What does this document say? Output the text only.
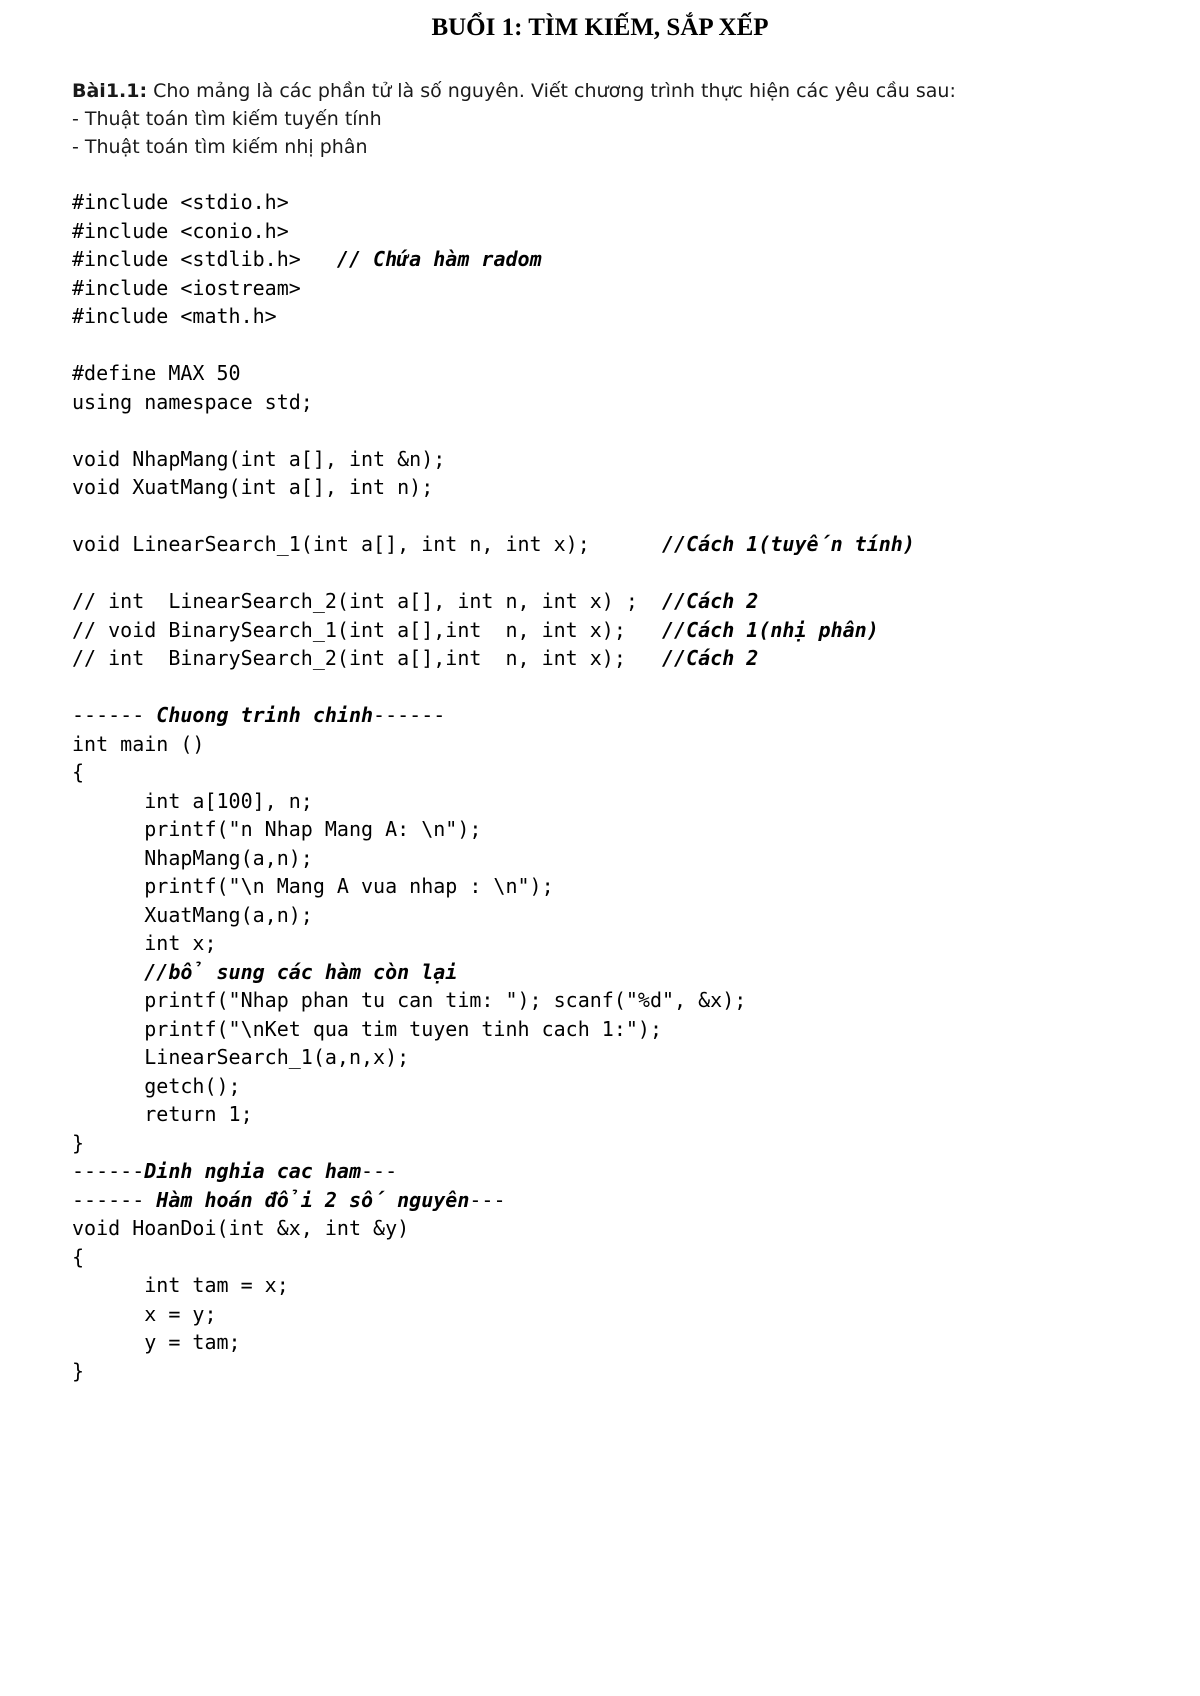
BUỔI 1: TÌM KIẾM, SẮP XẾP
Bài1.1: Cho mảng là các phần tử là số nguyên. Viết chương trình thực hiện các yêu cầu sau:
- Thuật toán tìm kiếm tuyến tính
- Thuật toán tìm kiếm nhị phân
#include <stdio.h>
#include <conio.h>
#include <stdlib.h>   // Chứa hàm radom
#include <iostream>
#include <math.h>
#define MAX 50
using namespace std;
void NhapMang(int a[], int &n);
void XuatMang(int a[], int n);
void LinearSearch_1(int a[], int n, int x);      //Cách 1(tuyến tính)
// int  LinearSearch_2(int a[], int n, int x) ;  //Cách 2
// void BinarySearch_1(int a[],int  n, int x);   //Cách 1(nhị phân)
// int  BinarySearch_2(int a[],int  n, int x);   //Cách 2
------ Chuong trinh chinh------
int main ()
{
int a[100], n;
printf("n Nhap Mang A: \n");
NhapMang(a,n);
printf("\n Mang A vua nhap : \n");
XuatMang(a,n);
int x;
//bổ sung các hàm còn lại
printf("Nhap phan tu can tim: "); scanf("%d", &x);
printf("\nKet qua tim tuyen tinh cach 1:");
LinearSearch_1(a,n,x);
getch();
return 1;
}
------Dinh nghia cac ham---
------ Hàm hoán đổi 2 số nguyên---
void HoanDoi(int &x, int &y)
{
int tam = x;
x = y;
y = tam;
}
